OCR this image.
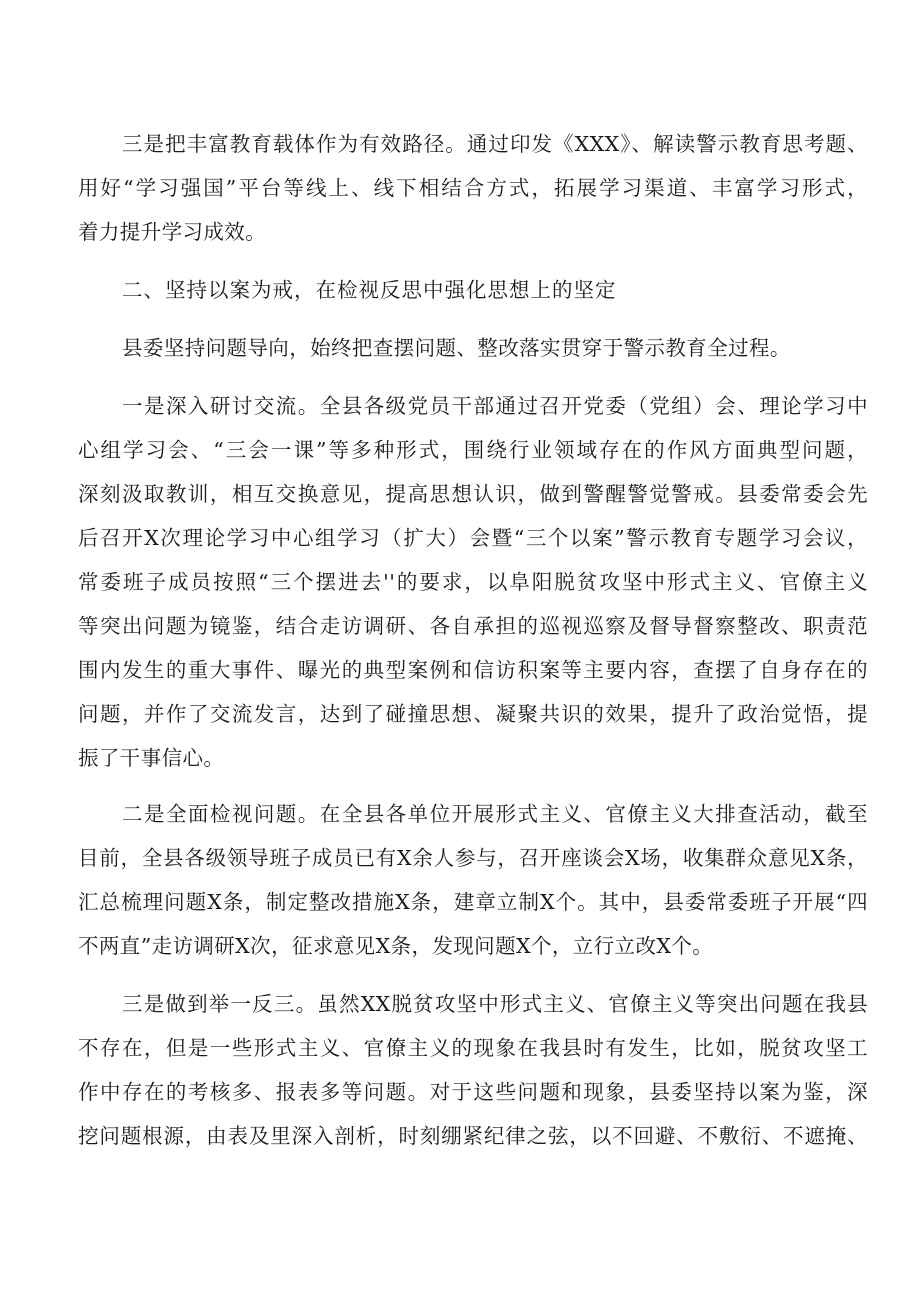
三是把丰富教育载体作为有效路径。通过印发《XXX》、解读警示教育思考题、
用好“学习强国”平台等线上、线下相结合方式，拓展学习渠道、丰富学习形式，
着力提升学习成效。
二、坚持以案为戒，在检视反思中强化思想上的坚定
县委坚持问题导向，始终把查摆问题、整改落实贯穿于警示教育全过程。
一是深入研讨交流。全县各级党员干部通过召开党委（党组）会、理论学习中
心组学习会、“三会一课”等多种形式，围绕行业领域存在的作风方面典型问题，
深刻汲取教训，相互交换意见，提高思想认识，做到警醒警觉警戒。县委常委会先
后召开X次理论学习中心组学习（扩大）会暨“三个以案”警示教育专题学习会议，
常委班子成员按照“三个摆进去''的要求，以阜阳脱贫攻坚中形式主义、官僚主义
等突出问题为镜鉴，结合走访调研、各自承担的巡视巡察及督导督察整改、职责范
围内发生的重大事件、曝光的典型案例和信访积案等主要内容，查摆了自身存在的
问题，并作了交流发言，达到了碰撞思想、凝聚共识的效果，提升了政治觉悟，提
振了干事信心。
二是全面检视问题。在全县各单位开展形式主义、官僚主义大排查活动，截至
目前，全县各级领导班子成员已有X余人参与，召开座谈会X场，收集群众意见X条，
汇总梳理问题X条，制定整改措施X条，建章立制X个。其中，县委常委班子开展“四
不两直”走访调研X次，征求意见X条，发现问题X个，立行立改X个。
三是做到举一反三。虽然XX脱贫攻坚中形式主义、官僚主义等突出问题在我县
不存在，但是一些形式主义、官僚主义的现象在我县时有发生，比如，脱贫攻坚工
作中存在的考核多、报表多等问题。对于这些问题和现象，县委坚持以案为鉴，深
挖问题根源，由表及里深入剖析，时刻绷紧纪律之弦，以不回避、不敷衍、不遮掩、
